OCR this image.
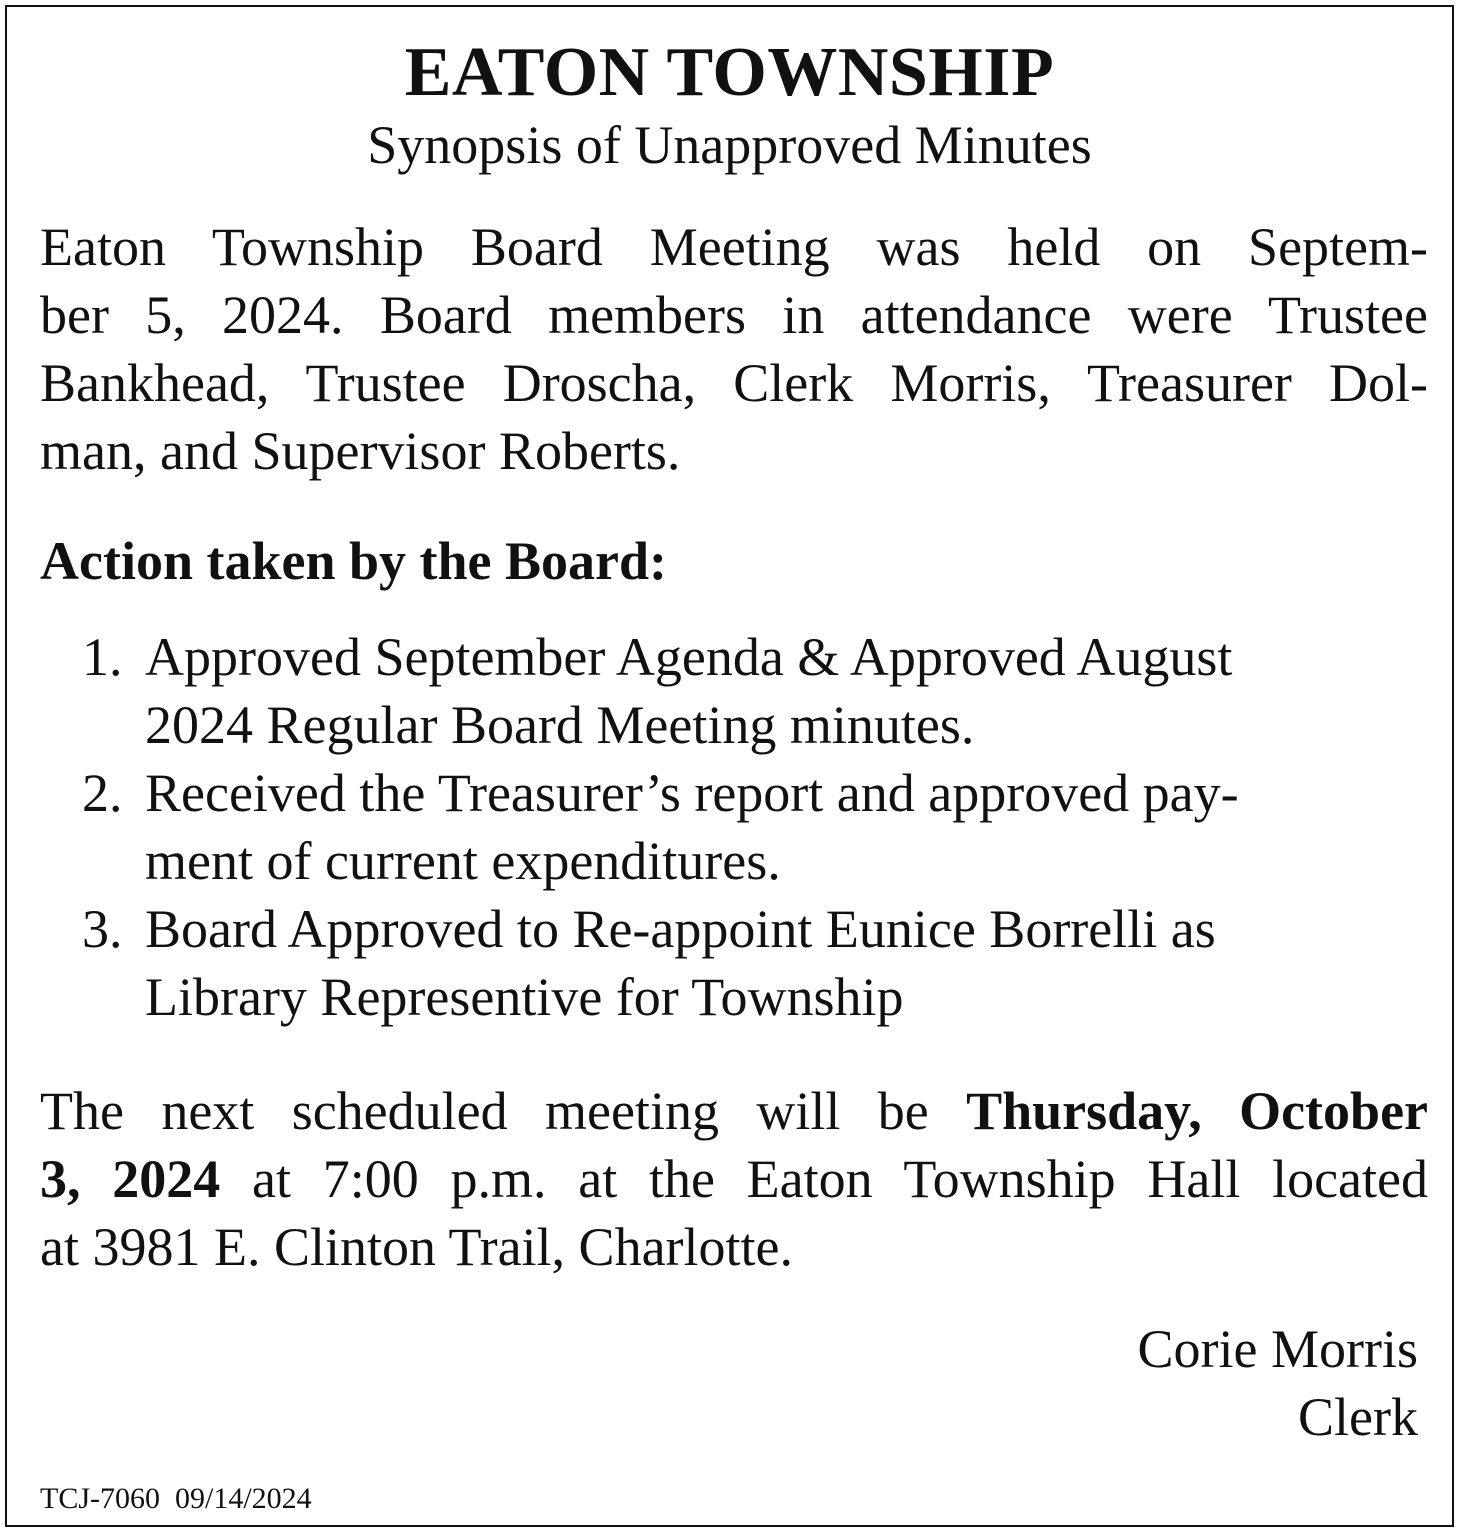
EATON TOWNSHIP
Synopsis of Unapproved Minutes
Eaton Township Board Meeting was held on Septem-
ber 5, 2024. Board members in attendance were Trustee
Bankhead, Trustee Droscha, Clerk Morris, Treasurer Dol-
man, and Supervisor Roberts.
Action taken by the Board:
1. Approved September Agenda & Approved August
2024 Regular Board Meeting minutes.
2. Received the Treasurer’s report and approved pay-
ment of current expenditures.
3. Board Approved to Re-appoint Eunice Borrelli as
Library Representive for Township
The next scheduled meeting will be Thursday, October
3, 2024 at 7:00 p.m. at the Eaton Township Hall located
at 3981 E. Clinton Trail, Charlotte.
Corie Morris
Clerk
TCJ-7060  09/14/2024
